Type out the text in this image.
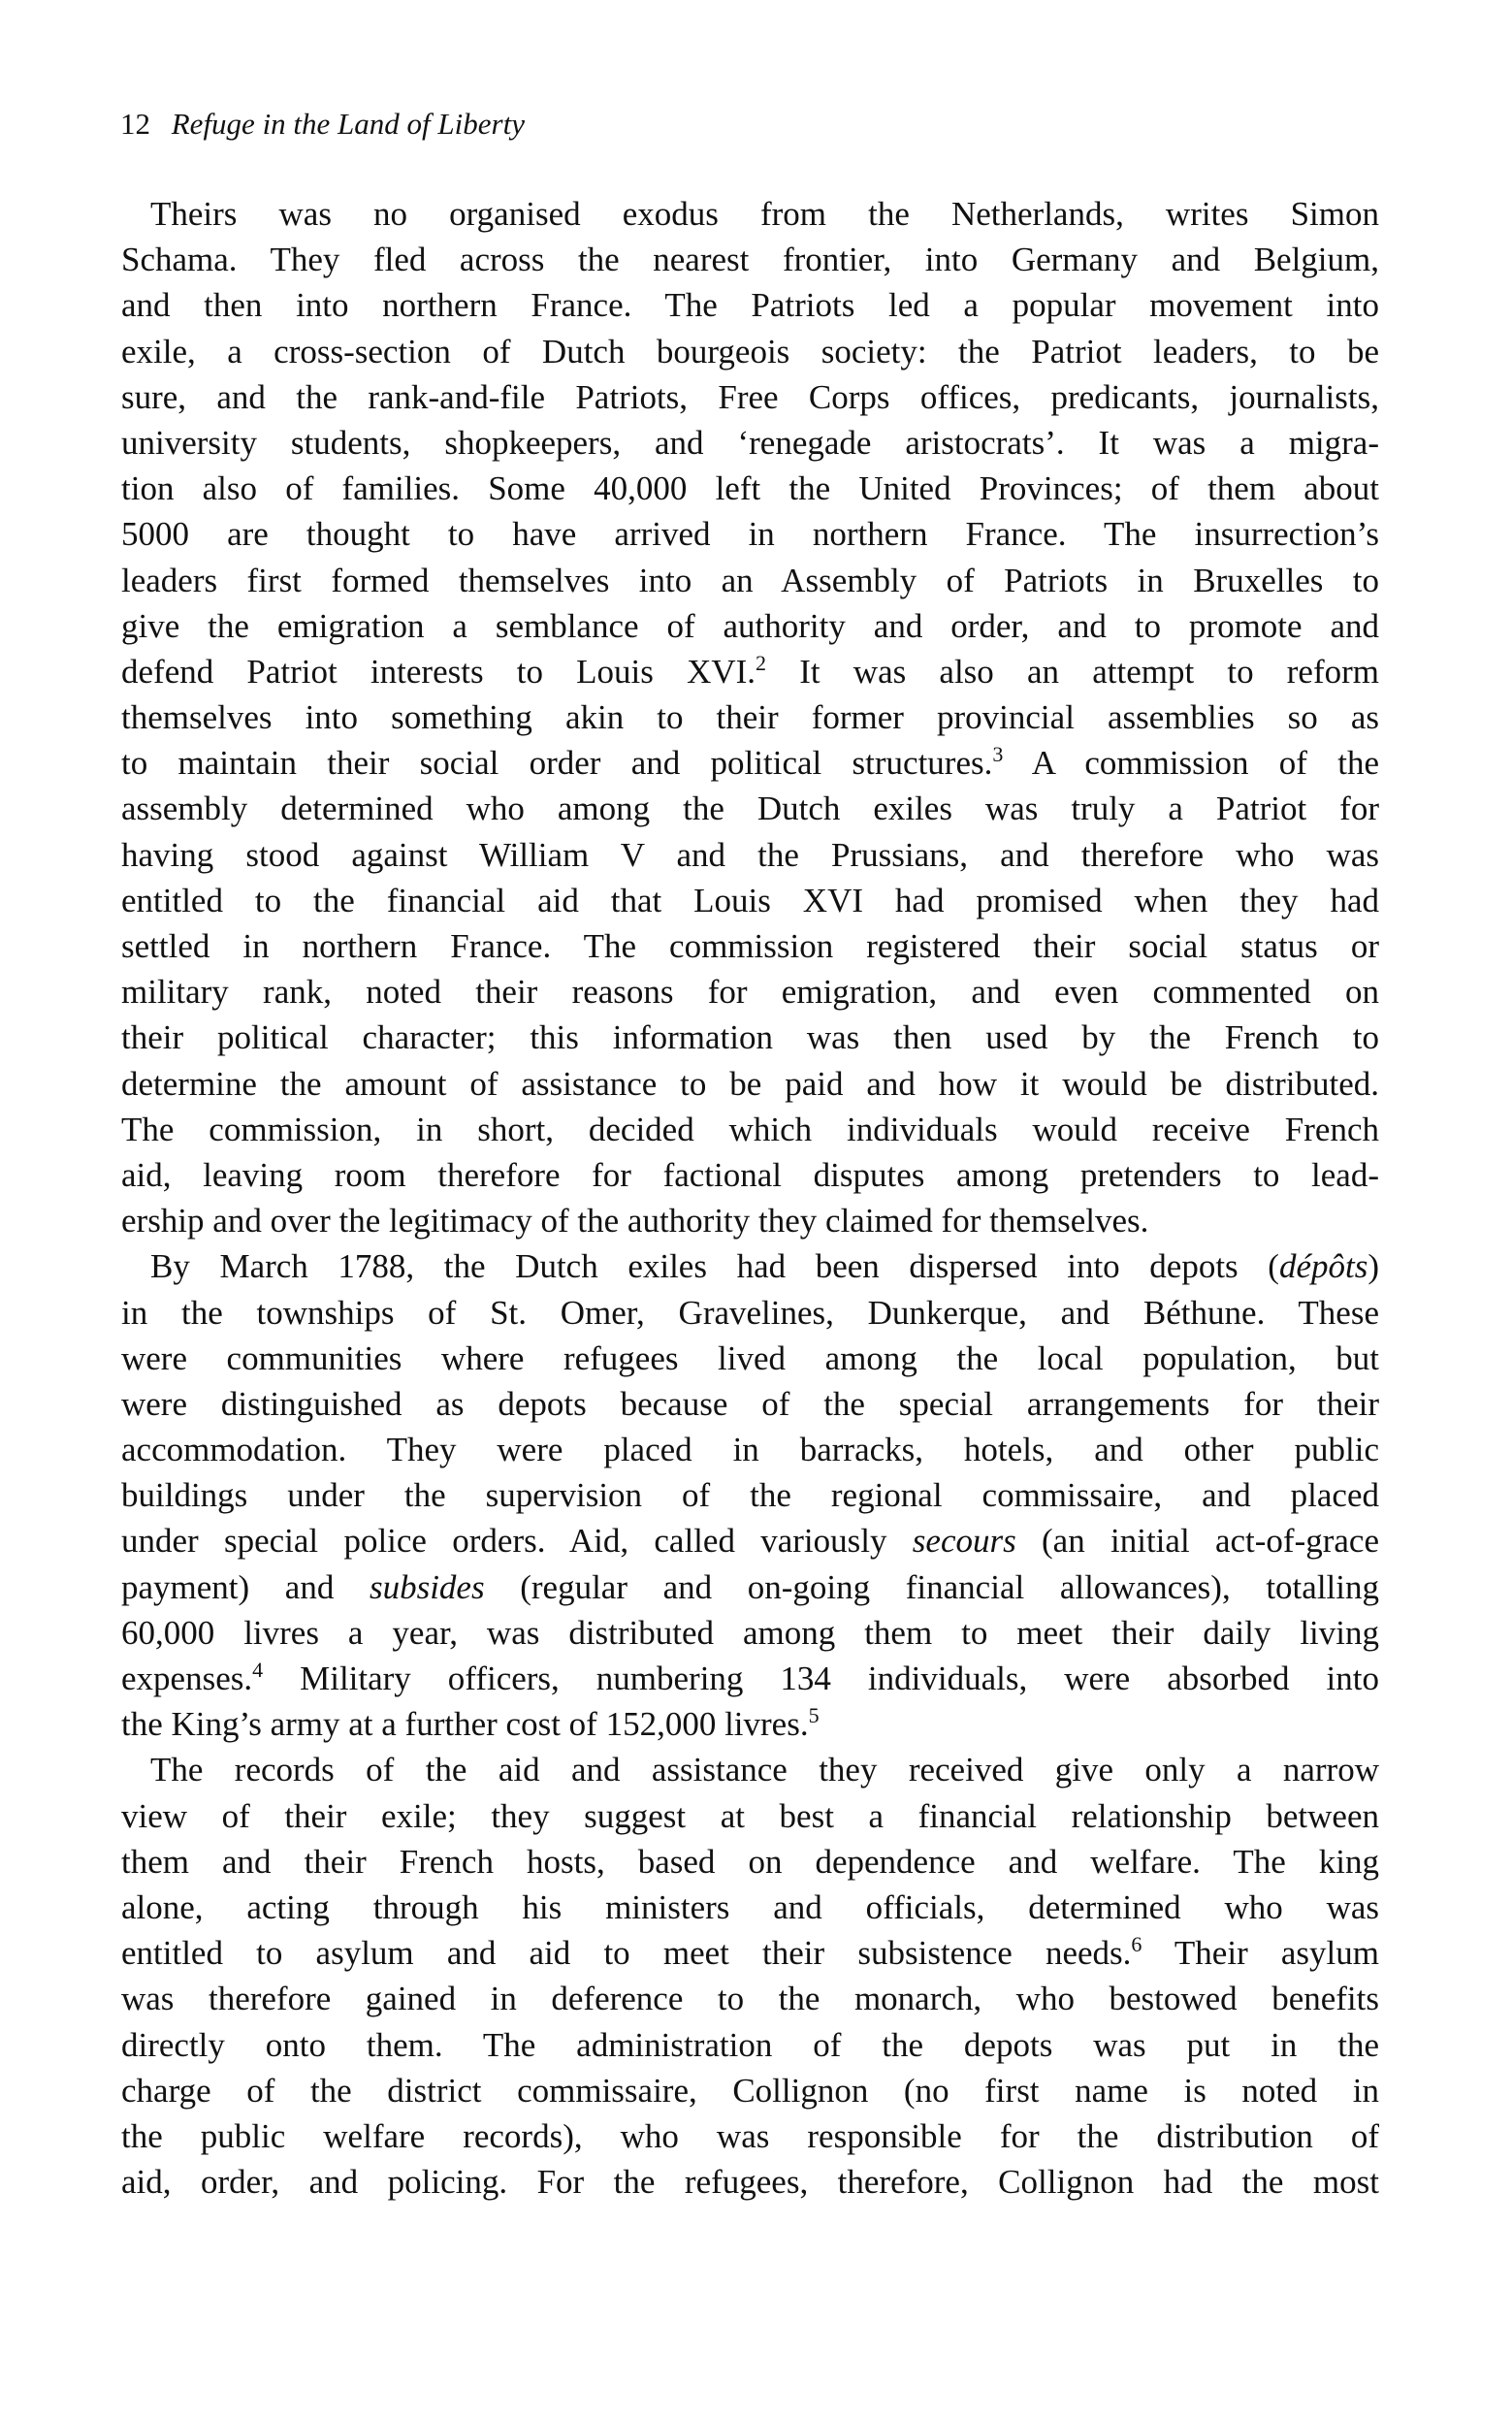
12 Refuge in the Land of Liberty
Theirs was no organised exodus from the Netherlands, writes Simon
Schama. They fled across the nearest frontier, into Germany and Belgium,
and then into northern France. The Patriots led a popular movement into
exile, a cross-section of Dutch bourgeois society: the Patriot leaders, to be
sure, and the rank-and-file Patriots, Free Corps offices, predicants, journalists,
university students, shopkeepers, and ‘renegade aristocrats’. It was a migra-
tion also of families. Some 40,000 left the United Provinces; of them about
5000 are thought to have arrived in northern France. The insurrection’s
leaders first formed themselves into an Assembly of Patriots in Bruxelles to
give the emigration a semblance of authority and order, and to promote and
defend Patriot interests to Louis XVI.$^2$ It was also an attempt to reform
themselves into something akin to their former provincial assemblies so as
to maintain their social order and political structures.$^3$ A commission of the
assembly determined who among the Dutch exiles was truly a Patriot for
having stood against William V and the Prussians, and therefore who was
entitled to the financial aid that Louis XVI had promised when they had
settled in northern France. The commission registered their social status or
military rank, noted their reasons for emigration, and even commented on
their political character; this information was then used by the French to
determine the amount of assistance to be paid and how it would be distributed.
The commission, in short, decided which individuals would receive French
aid, leaving room therefore for factional disputes among pretenders to lead-
ership and over the legitimacy of the authority they claimed for themselves.
By March 1788, the Dutch exiles had been dispersed into depots (dépôts)
in the townships of St. Omer, Gravelines, Dunkerque, and Béthune. These
were communities where refugees lived among the local population, but
were distinguished as depots because of the special arrangements for their
accommodation. They were placed in barracks, hotels, and other public
buildings under the supervision of the regional commissaire, and placed
under special police orders. Aid, called variously secours (an initial act-of-grace
payment) and subsides (regular and on-going financial allowances), totalling
60,000 livres a year, was distributed among them to meet their daily living
expenses.$^4$ Military officers, numbering 134 individuals, were absorbed into
the King’s army at a further cost of 152,000 livres.$^5$
The records of the aid and assistance they received give only a narrow
view of their exile; they suggest at best a financial relationship between
them and their French hosts, based on dependence and welfare. The king
alone, acting through his ministers and officials, determined who was
entitled to asylum and aid to meet their subsistence needs.$^6$ Their asylum
was therefore gained in deference to the monarch, who bestowed benefits
directly onto them. The administration of the depots was put in the
charge of the district commissaire, Collignon (no first name is noted in
the public welfare records), who was responsible for the distribution of
aid, order, and policing. For the refugees, therefore, Collignon had the most
